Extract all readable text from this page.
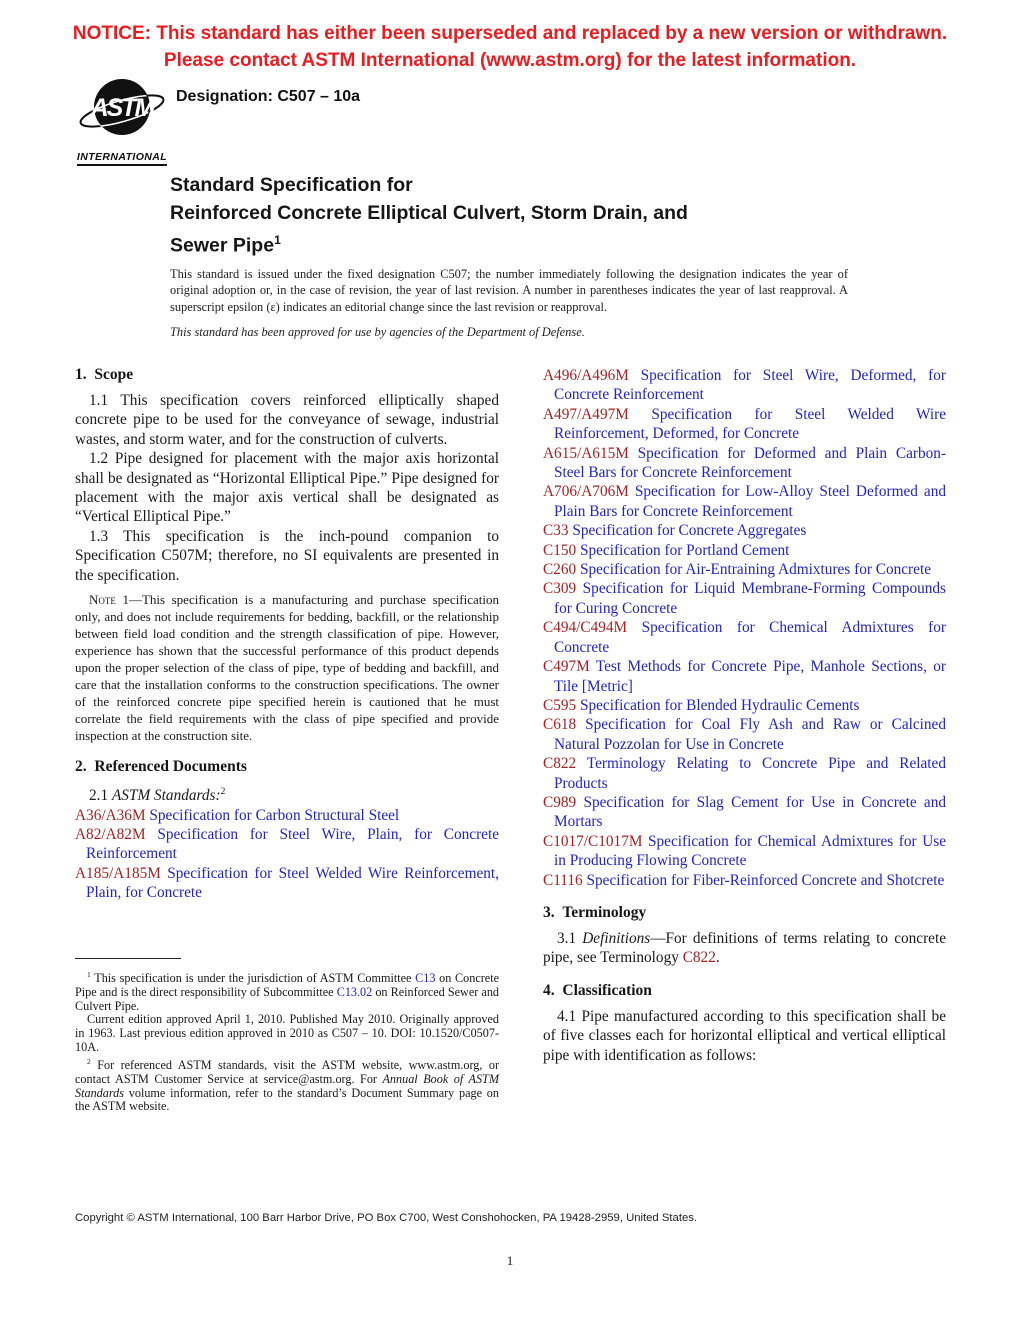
NOTICE: This standard has either been superseded and replaced by a new version or withdrawn.
Please contact ASTM International (www.astm.org) for the latest information.
ASTM
INTERNATIONAL
Designation: C507 – 10a
Standard Specification for
Reinforced Concrete Elliptical Culvert, Storm Drain, and
Sewer Pipe$^1$
This standard is issued under the fixed designation C507; the number immediately following the designation indicates the year of original adoption or, in the case of revision, the year of last revision. A number in parentheses indicates the year of last reapproval. A superscript epsilon (ε) indicates an editorial change since the last revision or reapproval.
This standard has been approved for use by agencies of the Department of Defense.
1. Scope

1.1 This specification covers reinforced elliptically shaped concrete pipe to be used for the conveyance of sewage, industrial wastes, and storm water, and for the construction of culverts.

1.2 Pipe designed for placement with the major axis horizontal shall be designated as “Horizontal Elliptical Pipe.” Pipe designed for placement with the major axis vertical shall be designated as “Vertical Elliptical Pipe.”

1.3 This specification is the inch-pound companion to Specification C507M; therefore, no SI equivalents are presented in the specification.

Note 1—This specification is a manufacturing and purchase specification only, and does not include requirements for bedding, backfill, or the relationship between field load condition and the strength classification of pipe. However, experience has shown that the successful performance of this product depends upon the proper selection of the class of pipe, type of bedding and backfill, and care that the installation conforms to the construction specifications. The owner of the reinforced concrete pipe specified herein is cautioned that he must correlate the field requirements with the class of pipe specified and provide inspection at the construction site.

2. Referenced Documents

2.1 ASTM Standards:$^2$

A36/A36M Specification for Carbon Structural Steel

A82/A82M Specification for Steel Wire, Plain, for Concrete Reinforcement

A185/A185M Specification for Steel Welded Wire Reinforcement, Plain, for Concrete

A496/A496M Specification for Steel Wire, Deformed, for Concrete Reinforcement

A497/A497M Specification for Steel Welded Wire Reinforcement, Deformed, for Concrete

A615/A615M Specification for Deformed and Plain Carbon-Steel Bars for Concrete Reinforcement

A706/A706M Specification for Low-Alloy Steel Deformed and Plain Bars for Concrete Reinforcement

C33 Specification for Concrete Aggregates

C150 Specification for Portland Cement

C260 Specification for Air-Entraining Admixtures for Concrete

C309 Specification for Liquid Membrane-Forming Compounds for Curing Concrete

C494/C494M Specification for Chemical Admixtures for Concrete

C497M Test Methods for Concrete Pipe, Manhole Sections, or Tile [Metric]

C595 Specification for Blended Hydraulic Cements

C618 Specification for Coal Fly Ash and Raw or Calcined Natural Pozzolan for Use in Concrete

C822 Terminology Relating to Concrete Pipe and Related Products

C989 Specification for Slag Cement for Use in Concrete and Mortars

C1017/C1017M Specification for Chemical Admixtures for Use in Producing Flowing Concrete

C1116 Specification for Fiber-Reinforced Concrete and Shotcrete

3. Terminology

3.1 Definitions—For definitions of terms relating to concrete pipe, see Terminology C822.

4. Classification

4.1 Pipe manufactured according to this specification shall be of five classes each for horizontal elliptical and vertical elliptical pipe with identification as follows:

$^1$ This specification is under the jurisdiction of ASTM Committee C13 on Concrete Pipe and is the direct responsibility of Subcommittee C13.02 on Reinforced Sewer and Culvert Pipe.

Current edition approved April 1, 2010. Published May 2010. Originally approved in 1963. Last previous edition approved in 2010 as C507 – 10. DOI: 10.1520/C0507-10A.

$^2$ For referenced ASTM standards, visit the ASTM website, www.astm.org, or contact ASTM Customer Service at service@astm.org. For Annual Book of ASTM Standards volume information, refer to the standard’s Document Summary page on the ASTM website.

Copyright © ASTM International, 100 Barr Harbor Drive, PO Box C700, West Conshohocken, PA 19428-2959, United States.
1
